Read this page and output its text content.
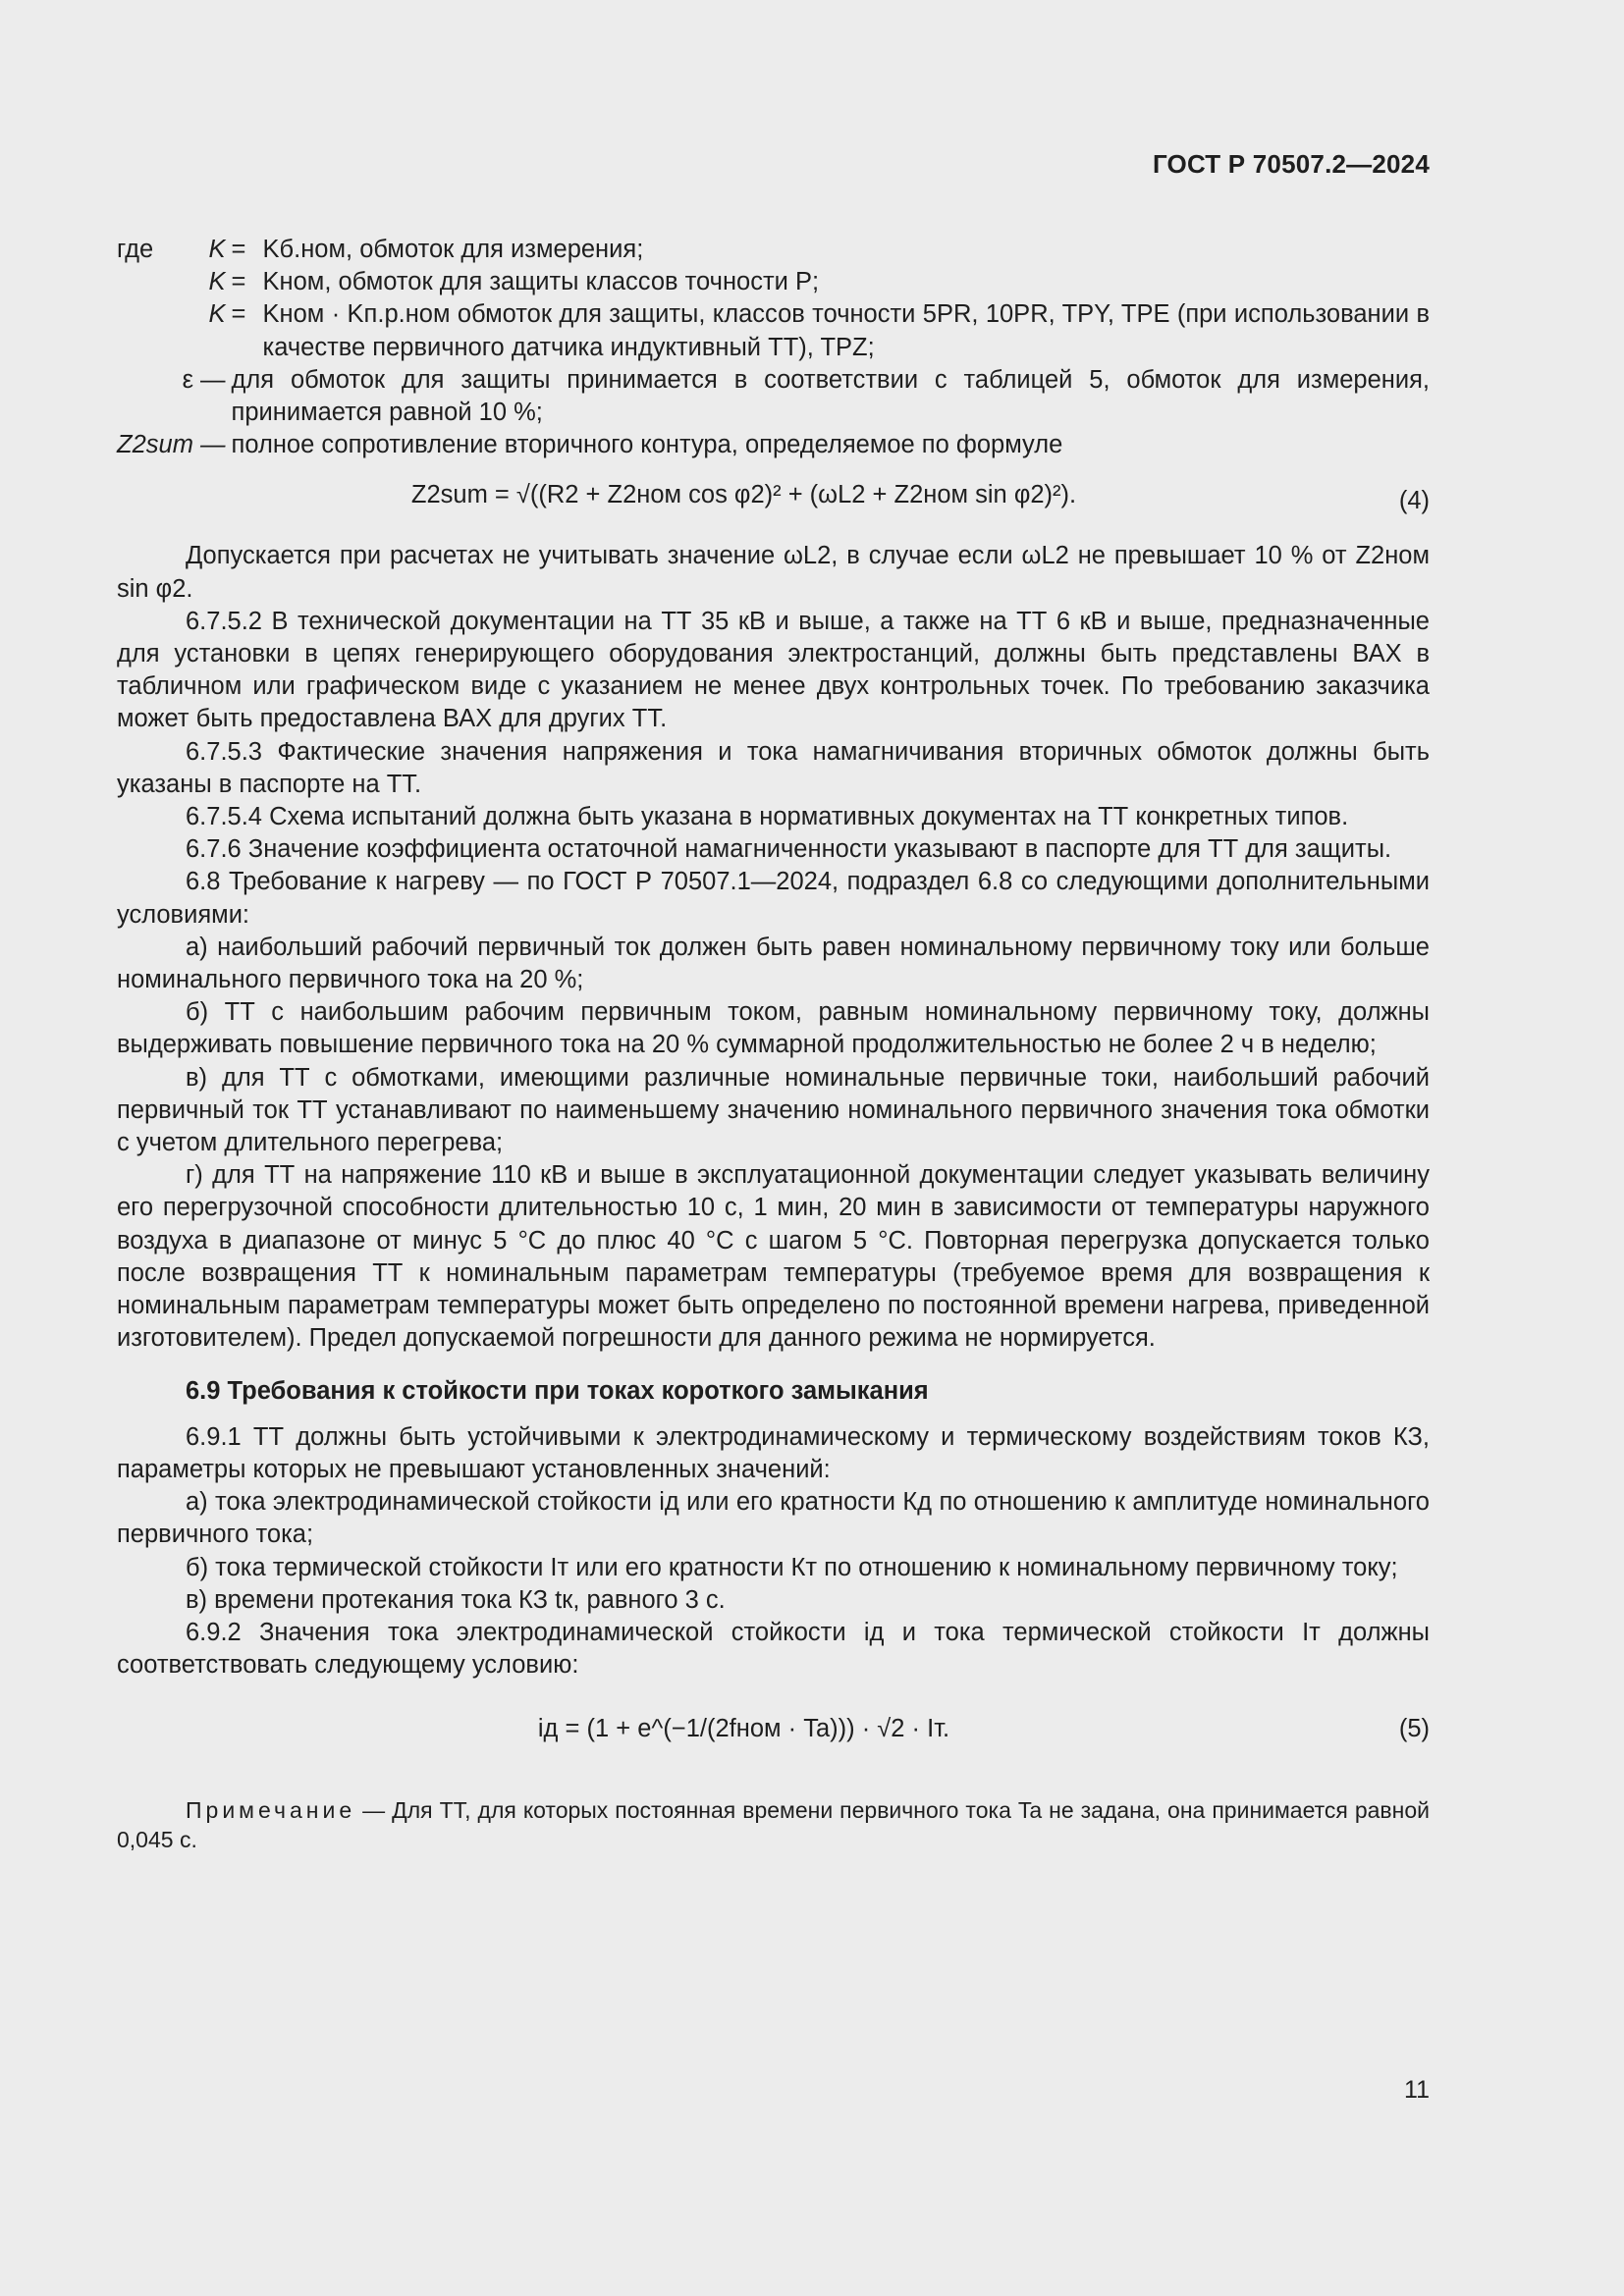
ГОСТ Р 70507.2—2024
где	K	=	Kб.ном, обмоток для измерения;
	K	=	Kном, обмоток для защиты классов точности P;
	K	=	Kном · Kп.р.ном обмоток для защиты, классов точности 5PR, 10PR, TPY, TPE (при использовании в качестве первичного датчика индуктивный ТТ), TPZ;
	ε —	для обмоток для защиты принимается в соответствии с таблицей 5, обмоток для измерения, принимается равной 10 %;	
Z2sum —		полное сопротивление вторичного контура, определяемое по формуле	
Z2sum = √((R2 + Z2ном cos φ2)² + (ωL2 + Z2ном sin φ2)²).	(4)

Допускается при расчетах не учитывать значение ωL2, в случае если ωL2 не превышает 10 % от Z2ном sin φ2.

6.7.5.2 В технической документации на ТТ 35 кВ и выше, а также на ТТ 6 кВ и выше, предназначенные для установки в цепях генерирующего оборудования электростанций, должны быть представлены ВАХ в табличном или графическом виде с указанием не менее двух контрольных точек. По требованию заказчика может быть предоставлена ВАХ для других ТТ.

6.7.5.3 Фактические значения напряжения и тока намагничивания вторичных обмоток должны быть указаны в паспорте на ТТ.

6.7.5.4 Схема испытаний должна быть указана в нормативных документах на ТТ конкретных типов.

6.7.6 Значение коэффициента остаточной намагниченности указывают в паспорте для ТТ для защиты.

6.8 Требование к нагреву — по ГОСТ Р 70507.1—2024, подраздел 6.8 со следующими дополнительными условиями:

а) наибольший рабочий первичный ток должен быть равен номинальному первичному току или больше номинального первичного тока на 20 %;

б) ТТ с наибольшим рабочим первичным током, равным номинальному первичному току, должны выдерживать повышение первичного тока на 20 % суммарной продолжительностью не более 2 ч в неделю;

в) для ТТ с обмотками, имеющими различные номинальные первичные токи, наибольший рабочий первичный ток ТТ устанавливают по наименьшему значению номинального первичного значения тока обмотки с учетом длительного перегрева;

г) для ТТ на напряжение 110 кВ и выше в эксплуатационной документации следует указывать величину его перегрузочной способности длительностью 10 с, 1 мин, 20 мин в зависимости от температуры наружного воздуха в диапазоне от минус 5 °С до плюс 40 °С с шагом 5 °С. Повторная перегрузка допускается только после возвращения ТТ к номинальным параметрам температуры (требуемое время для возвращения к номинальным параметрам температуры может быть определено по постоянной времени нагрева, приведенной изготовителем). Предел допускаемой погрешности для данного режима не нормируется.

6.9 Требования к стойкости при токах короткого замыкания

6.9.1 ТТ должны быть устойчивыми к электродинамическому и термическому воздействиям токов КЗ, параметры которых не превышают установленных значений:

а) тока электродинамической стойкости iд или его кратности Кд по отношению к амплитуде номинального первичного тока;

б) тока термической стойкости Iт или его кратности Кт по отношению к номинальному первичному току;

в) времени протекания тока КЗ tк, равного 3 с.

6.9.2 Значения тока электродинамической стойкости iд и тока термической стойкости Iт должны соответствовать следующему условию:

iд = (1 + e^(−1/(2fном · Ta))) · √2 · Iт.	(5)

Примечание — Для ТТ, для которых постоянная времени первичного тока Ta не задана, она принимается равной 0,045 с.

11
